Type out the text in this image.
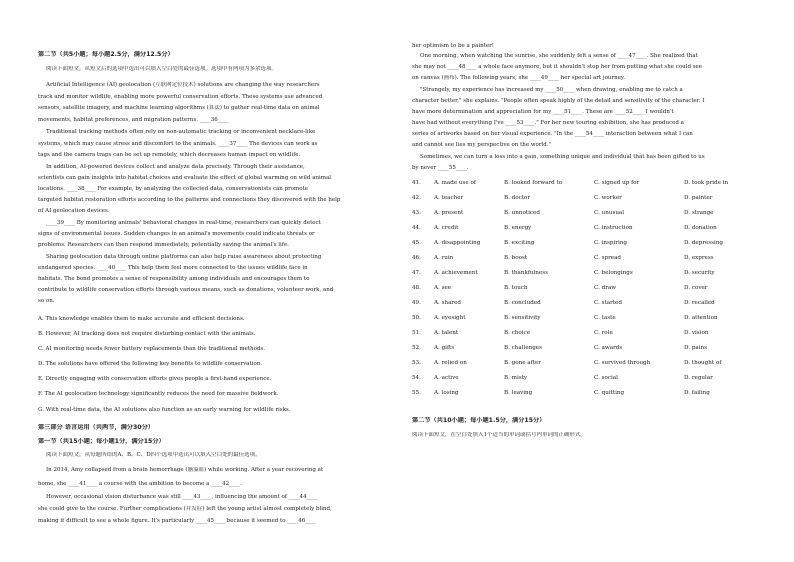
第二节（共5小题；每小题2.5分，满分12.5分）
阅读下面短文，从短文后的选项中选出可以填入空白处的最佳选项。选项中有两项为多余选项。
Artificial Intelligence (AI) geolocation (互联网定位技术) solutions are changing the way researchers
track and monitor wildlife, enabling more powerful conservation efforts. These systems use advanced
sensors, satellite imagery, and machine learning algorithms (算法) to gather real-time data on animal
movements, habitat preferences, and migration patterns. ____36____
Traditional tracking methods often rely on non-automatic tracking or inconvenient necklace-like
systems, which may cause stress and discomfort to the animals. ____37____ The devices can work as
tags and the camera traps can be set up remotely, which decreases human impact on wildlife.
In addition, AI-powered devices collect and analyze data precisely. Through their assistance,
scientists can gain insights into habitat choices and evaluate the effect of global warming on wild animal
locations. ____38____ For example, by analyzing the collected data, conservationists can promote
targeted habitat restoration efforts according to the patterns and connections they discovered with the help
of AI geolocation devices.
____39____ By monitoring animals' behavioral changes in real-time, researchers can quickly detect
signs of environmental issues. Sudden changes in an animal's movements could indicate threats or
problems. Researchers can then respond immediately, potentially saving the animal's life.
Sharing geolocation data through online platforms can also help raise awareness about protecting
endangered species. ____40____ This help them feel more connected to the issues wildlife face in
habitats. The bond promotes a sense of responsibility among individuals and encourages them to
contribute to wildlife conservation efforts through various means, such as donations, volunteer work, and
so on.
A. This knowledge enables them to make accurate and efficient decisions.
B. However, AI tracking does not require disturbing contact with the animals.
C. AI monitoring needs fewer battery replacements than the traditional methods.
D. The solutions have offered the following key benefits to wildlife conservation.
E. Directly engaging with conservation efforts gives people a first-hand experience.
F. The AI geolocation technology significantly reduces the need for massive fieldwork.
G. With real-time data, the AI solutions also function as an early warning for wildlife risks.
第三部分 语言运用（共两节，满分30分）
第一节（共15小题；每小题1分，满分15分）
阅读下面短文，从每题所给的A、B、C、D四个选项中选出可以填入空白处的最佳选项。
In 2014, Amy collapsed from a brain hemorrhage (脑溢血) while working. After a year recovering at
home, she ____41____ a course with the ambition to become a ____42____.
However, occasional vision disturbance was still ____43____, influencing the amount of ____44____
she could give to the course. Further complications (并发症) left the young artist almost completely blind,
making it difficult to see a whole figure. It's particularly ____45____ because it seemed to ____46____
her optimism to be a painter!
One morning, when watching the sunrise, she suddenly felt a sense of ____47____. She realized that
she may not ____48____ a whole face anymore, but it shouldn't stop her from putting what she could see
on canvas (画布). The following years, she ____49____ her special art journey.
"Strangely, my experience has increased my ____50____ when drawing, enabling me to catch a
character better," she explains. "People often speak highly of the detail and sensitivity of the character. I
have more determination and appreciation for my ____51____. These are ____52____ I wouldn't
have had without everything I've ____53____." For her new touring exhibition, she has produced a
series of artworks based on her visual experience. "In the ____54____ interaction between what I can
and cannot see lies my perspective on the world."
Sometimes, we can turn a loss into a gain, something unique and individual that has been gifted to us
by never ____55____.
第二节（共10小题；每小题1.5分，满分15分）
阅读下面短文，在空白处填入1个适当的单词或括号内单词的正确形式。
41. A. made use of	B. looked forward to	C. signed up for	D. took pride in
42. A. teacher	B. doctor	C. worker	D. painter
43. A. present	B. unnoticed	C. unusual	D. strange
44. A. credit	B. energy	C. instruction	D. donation
45. A. disappointing	B. exciting	C. inspiring	D. depressing
46. A. ruin	B. boost	C. spread	D. express
47. A. achievement	B. thankfulness	C. belongings	D. security
48. A. see	B. touch	C. draw	D. cover
49. A. shared	B. concluded	C. started	D. recalled
50. A. eyesight	B. sensitivity	C. taste	D. attention
51. A. talent	B. choice	C. role	D. vision
52. A. gifts	B. challenges	C. awards	D. pains
53. A. relied on	B. gone after	C. survived through	D. thought of
54. A. active	B. misty	C. social	D. regular
55. A. losing	B. leaving	C. quitting	D. failing
